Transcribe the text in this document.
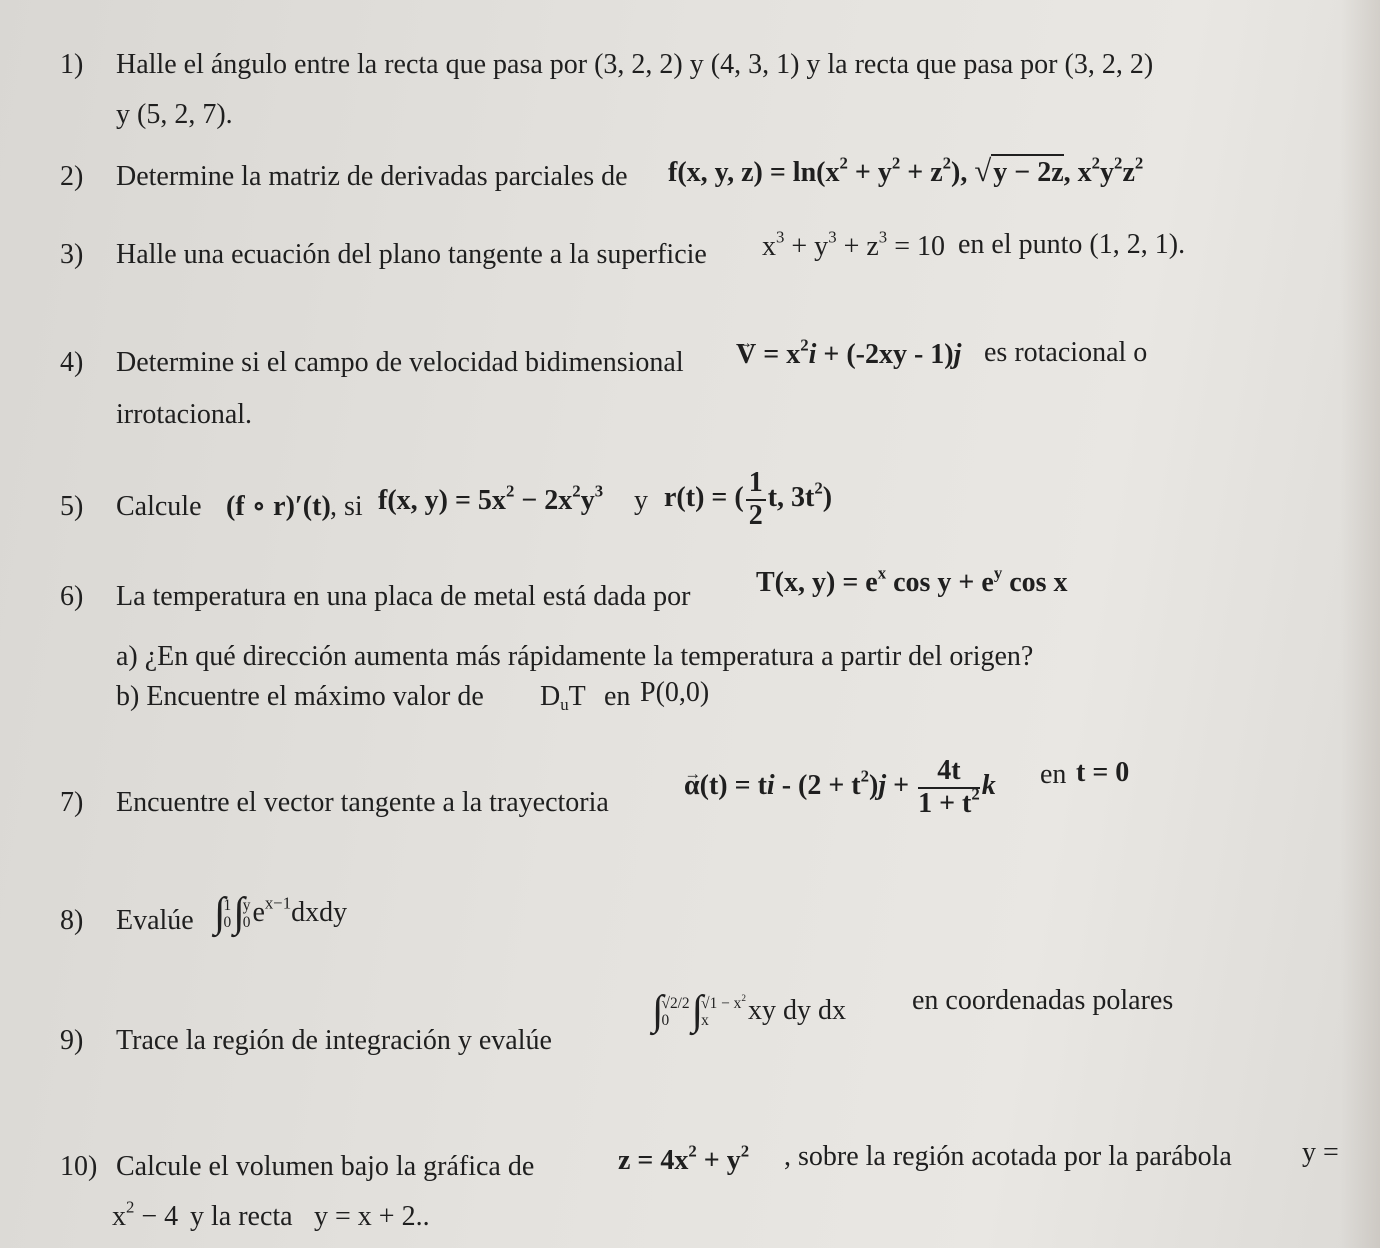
1) Halle el ángulo entre la recta que pasa por (3, 2, 2) y (4, 3, 1) y la recta que pasa por (3, 2, 2)
y (5, 2, 7).
2) Determine la matriz de derivadas parciales de f(x, y, $z) = \ln(x^2 + y^2 + z^2)$, √y − 2z, $x^2y^2z^2$
3) Halle una ecuación del plano tangente a la superficie $x^3 + y^3 + z^3 = 10$ en el punto (1, 2, 1).
4) Determine si el campo de velocidad bidimensional
→ $V = x^2i + (-2xy - 1)j$ es rotacional o
irrotacional.
5) Calcule (f ∘ r)′(t) , si f(x, $y) = 5x^2 - 2x^2y^3$ y r(t) = ( $\frac{1}{2} t$, $3t^2$)
6) La temperatura en una placa de metal está dada por T(x, $y) = e^x$ $\cos y + e^y$ cos x
a) ¿En qué dirección aumenta más rápidamente la temperatura a partir del origen?
b) Encuentre el máximo valor de $D_uT$ en P(0,0)
7) Encuentre el vector tangente a la trayectoria
→ α(t) = ti - $(2 + t^2)j + \frac{4t}{1 + t^2}$ k en t = 0
8) Evalúe ∫
1
0 ∫
y
0 $e^{x-1}dxdy$
9) Trace la región de integración y evalúe
∫
√2/2
0 ∫
$√1 - x^2$
x	xy dy dx en coordenadas polares
10) Calcule el volumen bajo la gráfica de	$z = 4x^2 + y^2$ , sobre la región acotada por la parábola	y =
$x^2 - 4$ y la recta y = x + 2..
